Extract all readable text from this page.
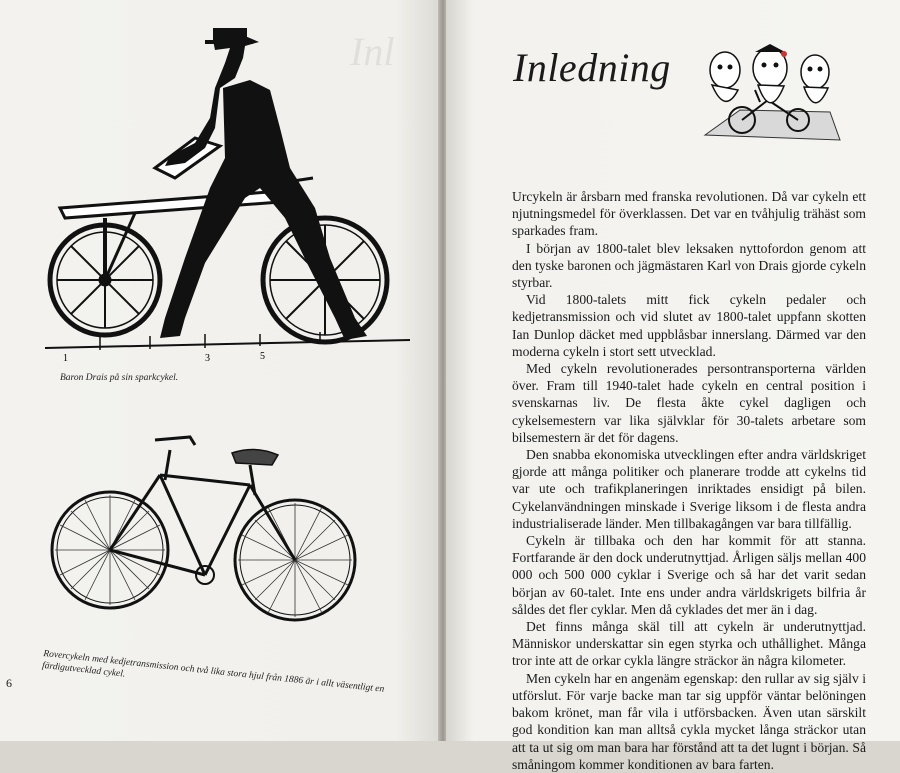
Inl
1	3	5
Baron Drais på sin sparkcykel.
Rovercykeln med kedjetransmission och två lika stora hjul från 1886 är i allt väsentligt en färdigutvecklad cykel.
6
Inledning

Urcykeln är årsbarn med franska revolutionen. Då var cykeln ett njutningsmedel för överklassen. Det var en tvåhjulig trähäst som sparkades fram.

I början av 1800-talet blev leksaken nyttofordon genom att den tyske baronen och jägmästaren Karl von Drais gjorde cykeln styrbar.

Vid 1800-talets mitt fick cykeln pedaler och kedjetransmission och vid slutet av 1800-talet uppfann skotten Ian Dunlop däcket med uppblåsbar innerslang. Därmed var den moderna cykeln i stort sett utvecklad.

Med cykeln revolutionerades persontransporterna världen över. Fram till 1940-talet hade cykeln en central position i svenskarnas liv. De flesta åkte cykel dagligen och cykelsemestern var lika självklar för 30-talets arbetare som bilsemestern är det för dagens.

Den snabba ekonomiska utvecklingen efter andra världskriget gjorde att många politiker och planerare trodde att cykelns tid var ute och trafikplaneringen inriktades ensidigt på bilen. Cykelanvändningen minskade i Sverige liksom i de flesta andra industrialiserade länder. Men tillbakagången var bara tillfällig.

Cykeln är tillbaka och den har kommit för att stanna. Fortfarande är den dock underutnyttjad. Årligen säljs mellan 400 000 och 500 000 cyklar i Sverige och så har det varit sedan början av 60-talet. Inte ens under andra världskrigets bilfria år såldes det fler cyklar. Men då cyklades det mer än i dag.

Det finns många skäl till att cykeln är underutnyttjad. Människor underskattar sin egen styrka och uthållighet. Många tror inte att de orkar cykla längre sträckor än några kilometer.

Men cykeln har en angenäm egenskap: den rullar av sig själv i utförslut. För varje backe man tar sig uppför väntar belöningen bakom krönet, man får vila i utförsbacken. Även utan särskilt god kondition kan man alltså cykla mycket långa sträckor utan att ta ut sig om man bara har förstånd att ta det lugnt i början. Så småningom kommer konditionen av bara farten.
